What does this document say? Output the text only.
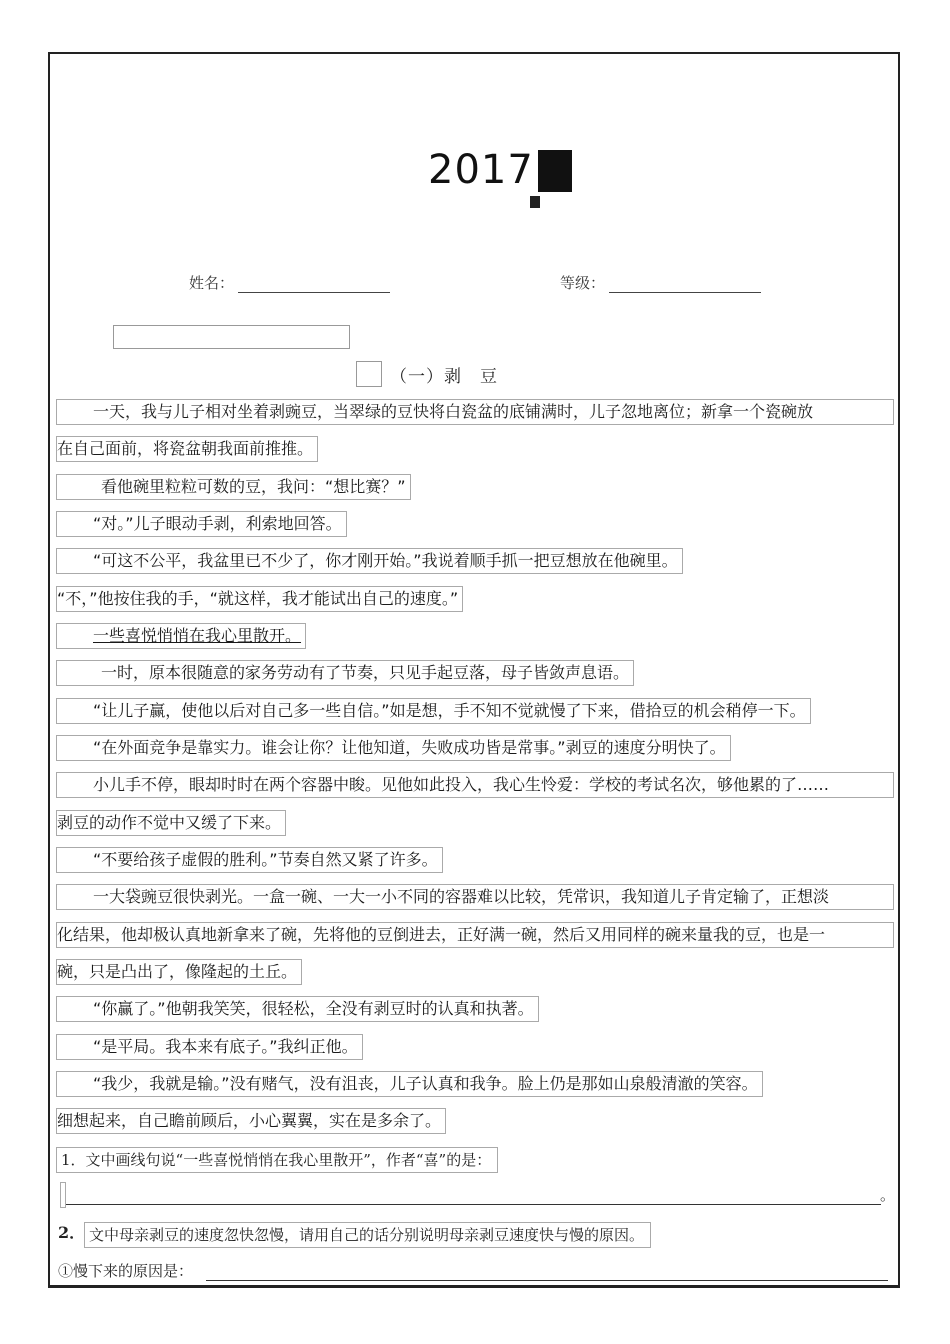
2017
姓名：	等级：
（一）剥　豆
一天，我与儿子相对坐着剥豌豆，当翠绿的豆快将白瓷盆的底铺满时，儿子忽地离位；新拿一个瓷碗放
在自己面前，将瓷盆朝我面前推推。
看他碗里粒粒可数的豆，我问：“想比赛？”
“对。”儿子眼动手剥，利索地回答。
“可这不公平，我盆里已不少了，你才刚开始。”我说着顺手抓一把豆想放在他碗里。
“不，”他按住我的手，“就这样，我才能试出自己的速度。”
一些喜悦悄悄在我心里散开。
一时，原本很随意的家务劳动有了节奏，只见手起豆落，母子皆敛声息语。
“让儿子赢，使他以后对自己多一些自信。”如是想，手不知不觉就慢了下来，借拾豆的机会稍停一下。
“在外面竞争是靠实力。谁会让你？让他知道，失败成功皆是常事。”剥豆的速度分明快了。
小儿手不停，眼却时时在两个容器中睃。见他如此投入，我心生怜爱：学校的考试名次，够他累的了……
剥豆的动作不觉中又缓了下来。
“不要给孩子虚假的胜利。”节奏自然又紧了许多。
一大袋豌豆很快剥光。一盒一碗、一大一小不同的容器难以比较，凭常识，我知道儿子肯定输了，正想淡
化结果，他却极认真地新拿来了碗，先将他的豆倒进去，正好满一碗，然后又用同样的碗来量我的豆，也是一
碗，只是凸出了，像隆起的土丘。
“你赢了。”他朝我笑笑，很轻松，全没有剥豆时的认真和执著。
“是平局。我本来有底子。”我纠正他。
“我少，我就是输。”没有赌气，没有沮丧，儿子认真和我争。脸上仍是那如山泉般清澈的笑容。
细想起来，自己瞻前顾后，小心翼翼，实在是多余了。
1．文中画线句说“一些喜悦悄悄在我心里散开”，作者“喜”的是：
。
2． 文中母亲剥豆的速度忽快忽慢，请用自己的话分别说明母亲剥豆速度快与慢的原因。
①慢下来的原因是：
